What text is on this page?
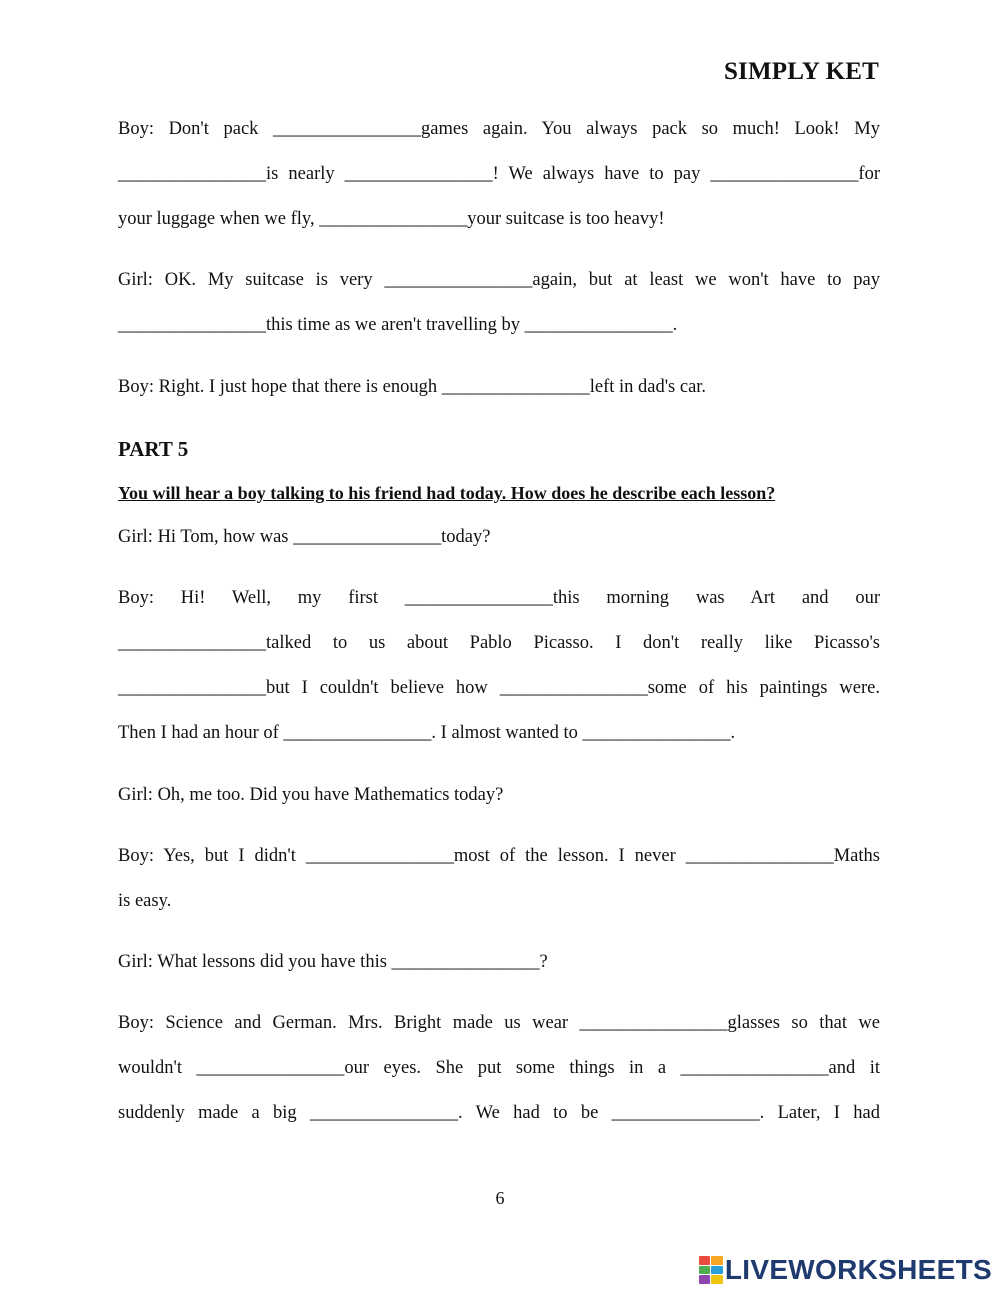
SIMPLY KET
Boy: Don't pack ________________games again. You always pack so much! Look! My
________________is nearly ________________! We always have to pay ________________for
your luggage when we fly, ________________your suitcase is too heavy!
Girl: OK. My suitcase is very ________________again, but at least we won't have to pay
________________this time as we aren't travelling by ________________.
Boy: Right. I just hope that there is enough ________________left in dad's car.
PART 5
You will hear a boy talking to his friend had today. How does he describe each lesson?
Girl: Hi Tom, how was ________________today?
Boy: Hi! Well, my first ________________this morning was Art and our
________________talked to us about Pablo Picasso. I don't really like Picasso's
________________but I couldn't believe how ________________some of his paintings were.
Then I had an hour of ________________. I almost wanted to ________________.
Girl: Oh, me too. Did you have Mathematics today?
Boy: Yes, but I didn't ________________most of the lesson. I never ________________Maths
is easy.
Girl: What lessons did you have this ________________?
Boy: Science and German. Mrs. Bright made us wear ________________glasses so that we
wouldn't ________________our eyes. She put some things in a ________________and it
suddenly made a big ________________. We had to be ________________. Later, I had
6
LIVEWORKSHEETS
